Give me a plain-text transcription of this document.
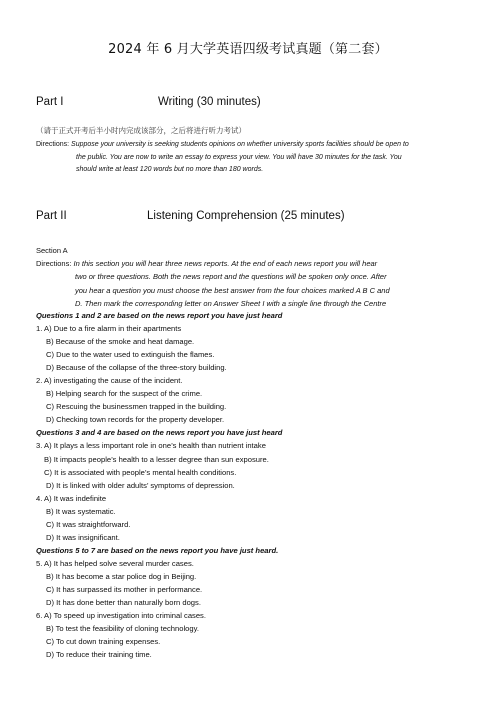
2024 年 6 月大学英语四级考试真题（第二套）
Part I	Writing (30 minutes)
（请于正式开考后半小时内完成该部分，之后将进行听力考试）
Directions: Suppose your university is seeking students opinions on whether university sports facilities should be open to
the public. You are now to write an essay to express your view. You will have 30 minutes for the task. You
should write at least 120 words but no more than 180 words.
Part II	Listening Comprehension (25 minutes)
Section A
Directions: In this section you will hear three news reports. At the end of each news report you will hear
two or three questions. Both the news report and the questions will be spoken only once. After
you hear a question you must choose the best answer from the four choices marked A B C and
D. Then mark the corresponding letter on Answer Sheet I with a single line through the Centre
Questions 1 and 2 are based on the news report you have just heard
1. A) Due to a fire alarm in their apartments
B) Because of the smoke and heat damage.
C) Due to the water used to extinguish the flames.
D) Because of the collapse of the three-story building.
2. A) investigating the cause of the incident.
B) Helping search for the suspect of the crime.
C) Rescuing the businessmen trapped in the building.
D) Checking town records for the property developer.
Questions 3 and 4 are based on the news report you have just heard
3. A) It plays a less important role in one’s health than nutrient intake
B) It impacts people’s health to a lesser degree than sun exposure.
C) It is associated with people’s mental health conditions.
D) It is linked with older adults’ symptoms of depression.
4. A) It was indefinite
B) It was systematic.
C) It was straightforward.
D) It was insignificant.
Questions 5 to 7 are based on the news report you have just heard.
5. A) It has helped solve several murder cases.
B) It has become a star police dog in Beijing.
C) It has surpassed its mother in performance.
D) It has done better than naturally born dogs.
6. A) To speed up investigation into criminal cases.
B) To test the feasibility of cloning technology.
C) To cut down training expenses.
D) To reduce their training time.
